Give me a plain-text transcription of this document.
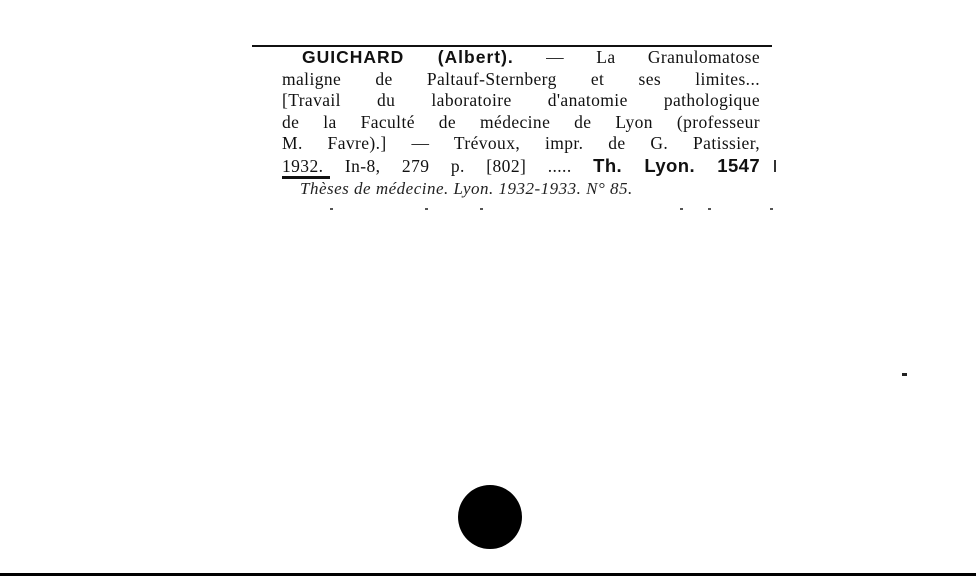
GUICHARD (Albert). — La Granulomatose
maligne de Paltauf-Sternberg et ses limites...
[Travail du laboratoire d'anatomie pathologique
de la Faculté de médecine de Lyon (professeur
M. Favre).] — Trévoux, impr. de G. Patissier,
1932. In-8, 279 p. [802] ..... Th. Lyon. 1547
Thèses de médecine. Lyon. 1932-1933. N° 85.
